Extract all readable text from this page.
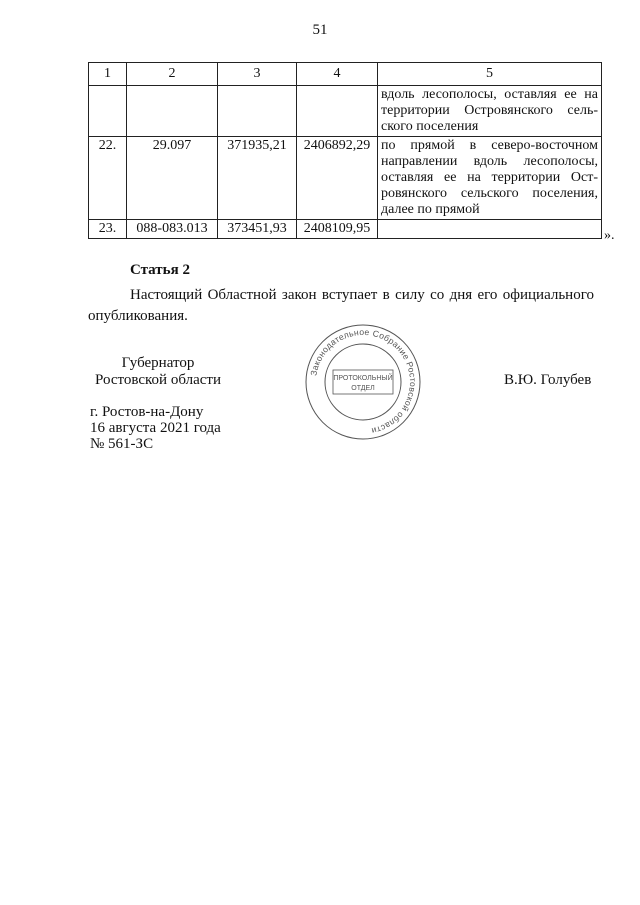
51
1	2	3	4	5
				вдоль лесополосы, оставляя ее на территории Островянского сель-ского поселения
22.	29.097	371935,21	2406892,29	по прямой в северо-восточном направлении вдоль лесополосы, оставляя ее на территории Ост-ровянского сельского поселения, далее по прямой
23.	088-083.013	373451,93	2408109,95		».
Статья 2
Настоящий Областной закон вступает в силу со дня его официального опубликования.
Губернатор
Ростовской области	Законодательное Собрание Ростовской области
ПРОТОКОЛЬНЫЙ
ОТДЕЛ
В.Ю. Голубев
г. Ростов-на-Дону
16 августа 2021 года
№ 561-ЗС
